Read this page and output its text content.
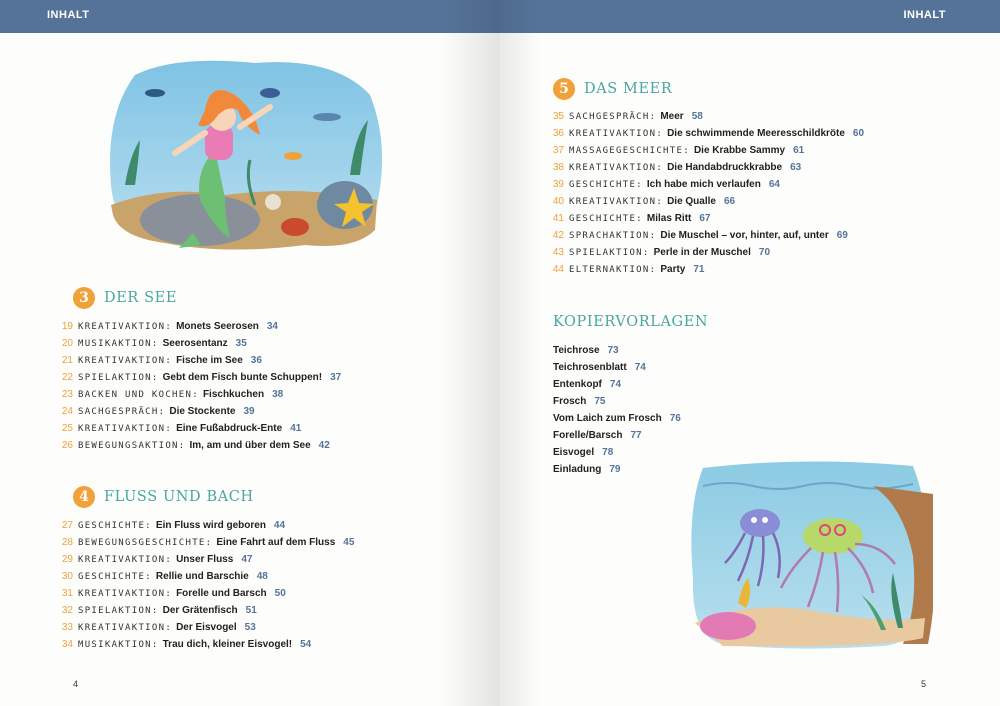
INHALT
3	DER SEE
19 KREATIVAKTION: Monets Seerosen 34
20 MUSIKAKTION: Seerosentanz 35
21 KREATIVAKTION: Fische im See 36
22 SPIELAKTION: Gebt dem Fisch bunte Schuppen! 37
23 BACKEN UND KOCHEN: Fischkuchen 38
24 SACHGESPRÄCH: Die Stockente 39
25 KREATIVAKTION: Eine Fußabdruck-Ente 41
26 BEWEGUNGSAKTION: Im, am und über dem See 42
4	FLUSS UND BACH
27 GESCHICHTE: Ein Fluss wird geboren 44
28 BEWEGUNGSGESCHICHTE: Eine Fahrt auf dem Fluss 45
29 KREATIVAKTION: Unser Fluss 47
30 GESCHICHTE: Rellie und Barschie 48
31 KREATIVAKTION: Forelle und Barsch 50
32 SPIELAKTION: Der Grätenfisch 51
33 KREATIVAKTION: Der Eisvogel 53
34 MUSIKAKTION: Trau dich, kleiner Eisvogel! 54
4
INHALT
5	DAS MEER
35 SACHGESPRÄCH: Meer 58
36 KREATIVAKTION: Die schwimmende Meeresschildkröte 60
37 MASSAGEGESCHICHTE: Die Krabbe Sammy 61
38 KREATIVAKTION: Die Handabdruckkrabbe 63
39 GESCHICHTE: Ich habe mich verlaufen 64
40 KREATIVAKTION: Die Qualle 66
41 GESCHICHTE: Milas Ritt 67
42 SPRACHAKTION: Die Muschel – vor, hinter, auf, unter 69
43 SPIELAKTION: Perle in der Muschel 70
44 ELTERNAKTION: Party 71
KOPIERVORLAGEN
Teichrose 73
Teichrosenblatt 74
Entenkopf 74
Frosch 75
Vom Laich zum Frosch 76
Forelle/Barsch 77
Eisvogel 78
Einladung 79
5
